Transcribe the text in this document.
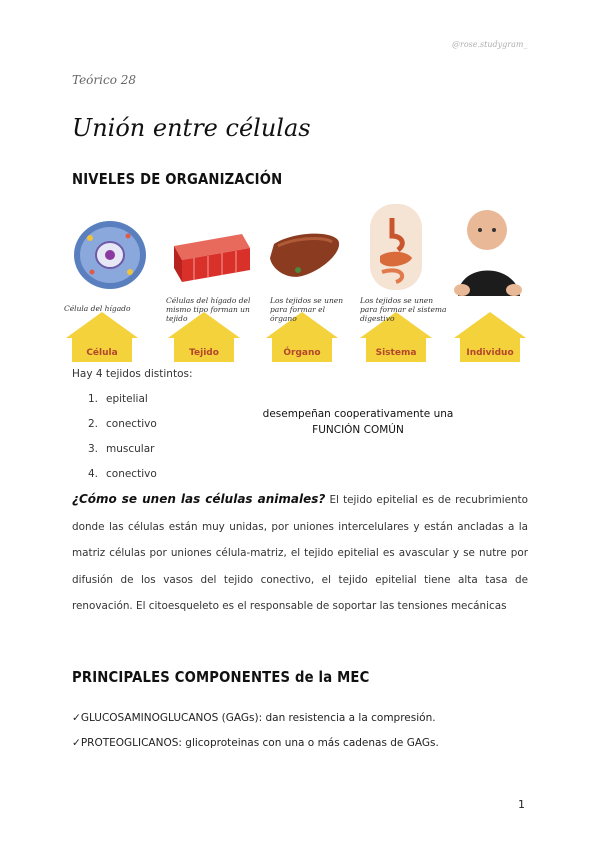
@rose.studygram_
Teórico 28
Unión entre células
NIVELES DE ORGANIZACIÓN
Célula del hígado
Células del hígado del mismo tipo forman un tejido
Los tejidos se unen para formar el órgano
Los tejidos se unen para formar el sistema digestivo
Célula	Tejido	Órgano	Sistema	Individuo
Hay 4 tejidos distintos:
1. epitelial
2. conectivo
3. muscular
4. conectivo
desempeñan cooperativamente una
FUNCIÓN COMÚN
¿Cómo se unen las células animales? El tejido epitelial es de recubrimiento donde las células están muy unidas, por uniones intercelulares y están ancladas a la matriz células por uniones célula-matriz, el tejido epitelial es avascular y se nutre por difusión de los vasos del tejido conectivo, el tejido epitelial tiene alta tasa de renovación. El citoesqueleto es el responsable de soportar las tensiones mecánicas
PRINCIPALES COMPONENTES de la MEC
✓GLUCOSAMINOGLUCANOS (GAGs): dan resistencia a la compresión.
✓PROTEOGLICANOS: glicoproteinas con una o más cadenas de GAGs.
1
